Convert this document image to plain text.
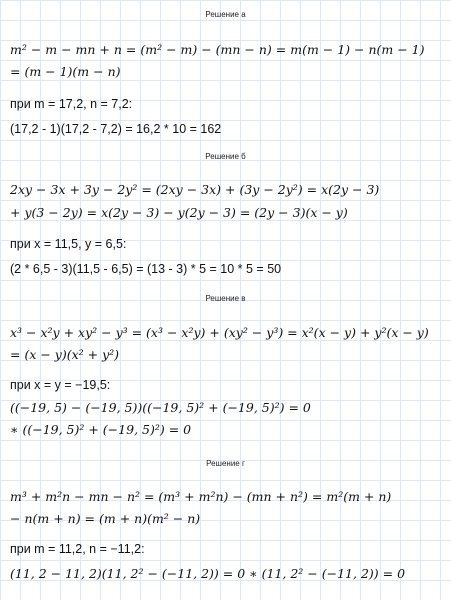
Решение а
m² − m − mn + n = (m² − m) − (mn − n) = m(m − 1) − n(m − 1)
= (m − 1)(m − n)
при m = 17,2, n = 7,2:
(17,2 - 1)(17,2 - 7,2) = 16,2 * 10 = 162
Решение б
2xy − 3x + 3y − 2y² = (2xy − 3x) + (3y − 2y²) = x(2y − 3)
+ y(3 − 2y) = x(2y − 3) − y(2y − 3) = (2y − 3)(x − y)
при x = 11,5, y = 6,5:
(2 * 6,5 - 3)(11,5 - 6,5) = (13 - 3) * 5 = 10 * 5 = 50
Решение в
x³ − x²y + xy² − y³ = (x³ − x²y) + (xy² − y³) = x²(x − y) + y²(x − y)
= (x − y)(x² + y²)
при x = y = −19,5:
((−19, 5) − (−19, 5))((−19, 5)² + (−19, 5)²) = 0
∗ ((−19, 5)² + (−19, 5)²) = 0
Решение г
m³ + m²n − mn − n² = (m³ + m²n) − (mn + n²) = m²(m + n)
− n(m + n) = (m + n)(m² − n)
при m = 11,2, n = −11,2:
(11, 2 − 11, 2)(11, 2² − (−11, 2)) = 0 ∗ (11, 2² − (−11, 2)) = 0
